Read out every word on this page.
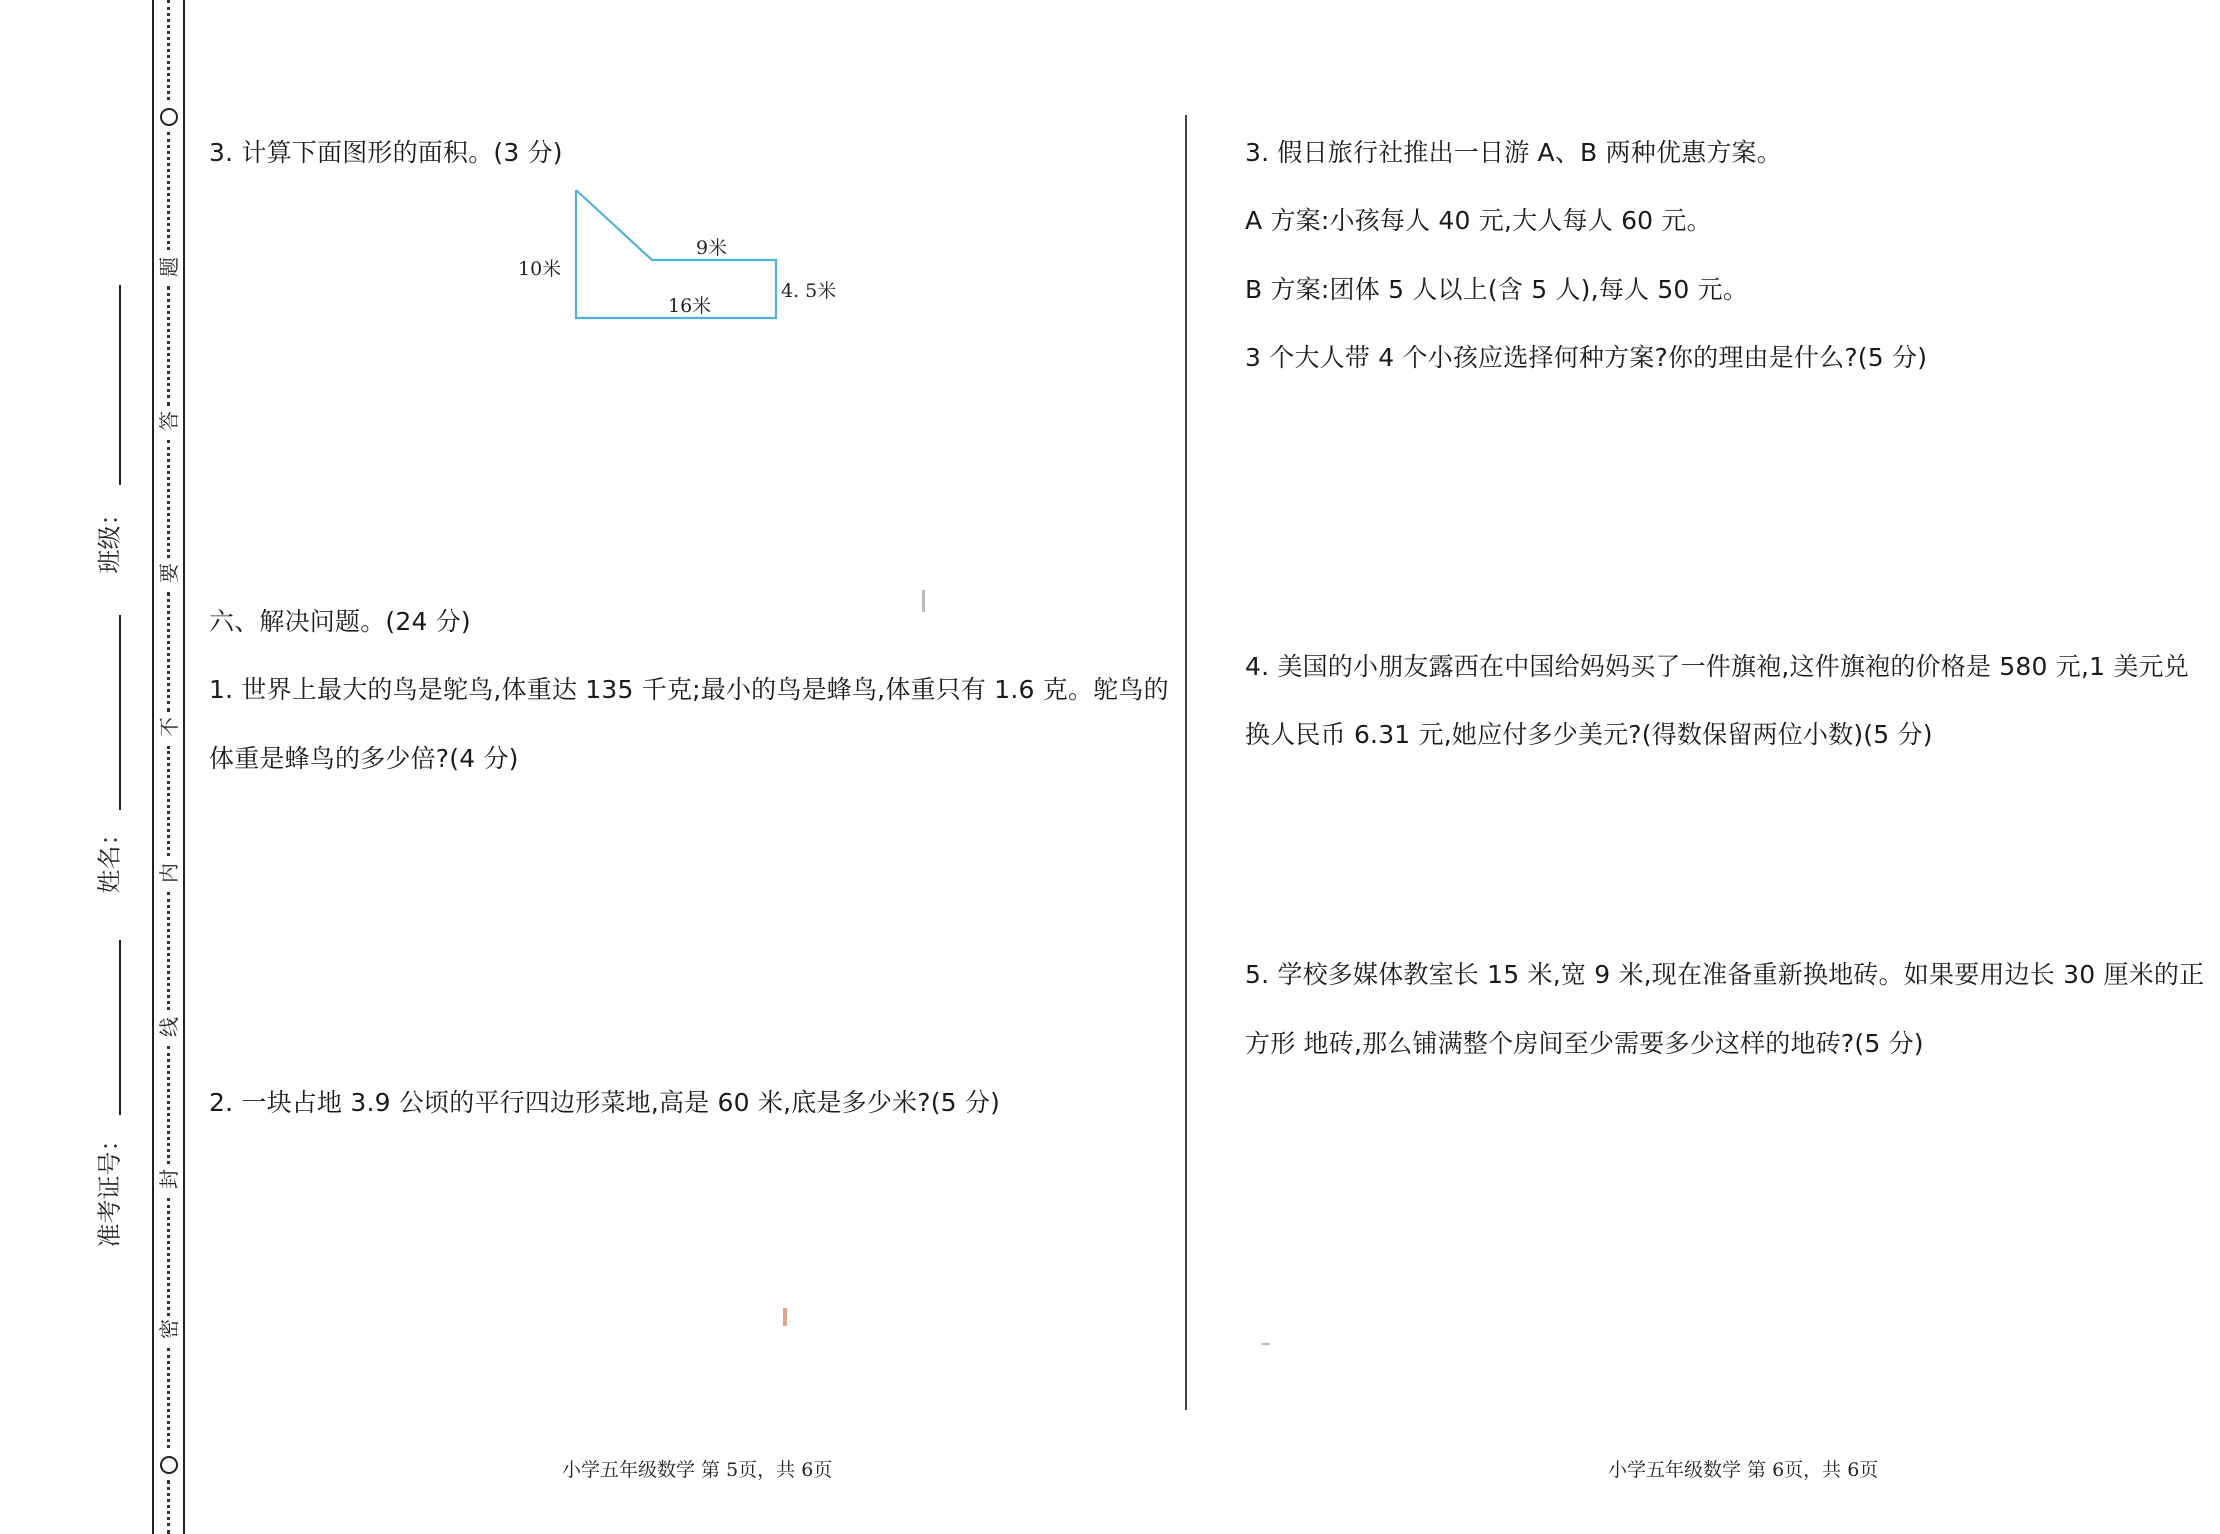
题
答
要
不
内
线
封
密
班级：
姓名：
准考证号：
3. 计算下面图形的面积。(3 分)
10米
9米
16米
4. 5米
六、解决问题。(24 分)
1. 世界上最大的鸟是鸵鸟,体重达 135 千克;最小的鸟是蜂鸟,体重只有 1.6 克。鸵鸟的
体重是蜂鸟的多少倍?(4 分)
2. 一块占地 3.9 公顷的平行四边形菜地,高是 60 米,底是多少米?(5 分)
小学五年级数学 第 5页，共 6页
3. 假日旅行社推出一日游 A、B 两种优惠方案。
A 方案:小孩每人 40 元,大人每人 60 元。
B 方案:团体 5 人以上(含 5 人),每人 50 元。
3 个大人带 4 个小孩应选择何种方案?你的理由是什么?(5 分)
4. 美国的小朋友露西在中国给妈妈买了一件旗袍,这件旗袍的价格是 580 元,1 美元兑
换人民币 6.31 元,她应付多少美元?(得数保留两位小数)(5 分)
5. 学校多媒体教室长 15 米,宽 9 米,现在准备重新换地砖。如果要用边长 30 厘米的正
方形 地砖,那么铺满整个房间至少需要多少这样的地砖?(5 分)
小学五年级数学 第 6页，共 6页
